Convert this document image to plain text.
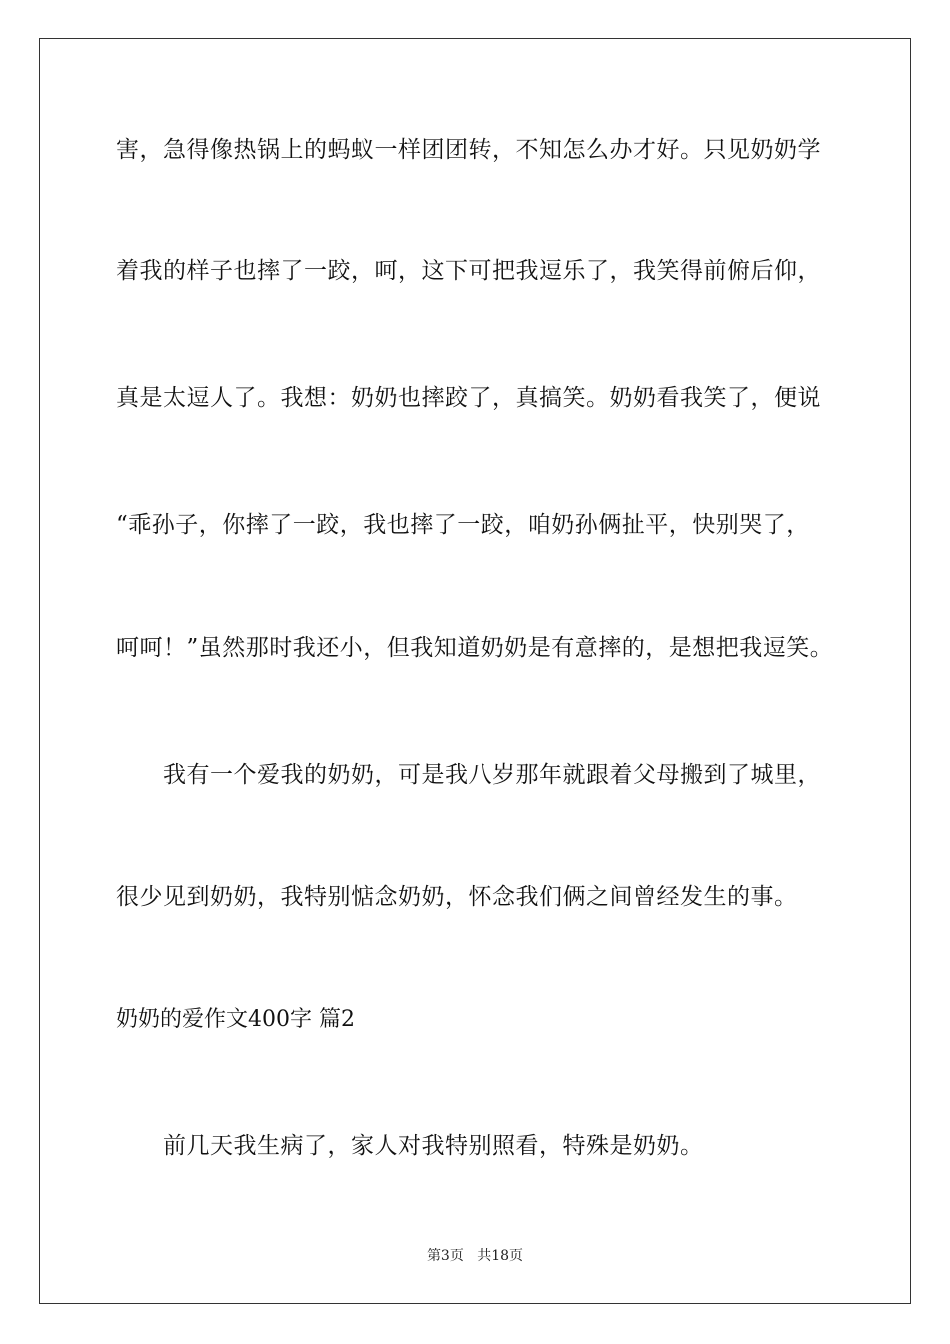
害，急得像热锅上的蚂蚁一样团团转，不知怎么办才好。只见奶奶学
着我的样子也摔了一跤，呵，这下可把我逗乐了，我笑得前俯后仰，
真是太逗人了。我想：奶奶也摔跤了，真搞笑。奶奶看我笑了，便说
“乖孙子，你摔了一跤，我也摔了一跤，咱奶孙俩扯平，快别哭了，
呵呵！”虽然那时我还小，但我知道奶奶是有意摔的，是想把我逗笑。
我有一个爱我的奶奶，可是我八岁那年就跟着父母搬到了城里，
很少见到奶奶，我特别惦念奶奶，怀念我们俩之间曾经发生的事。
奶奶的爱作文400字 篇2
前几天我生病了，家人对我特别照看，特殊是奶奶。
第3页 共18页
